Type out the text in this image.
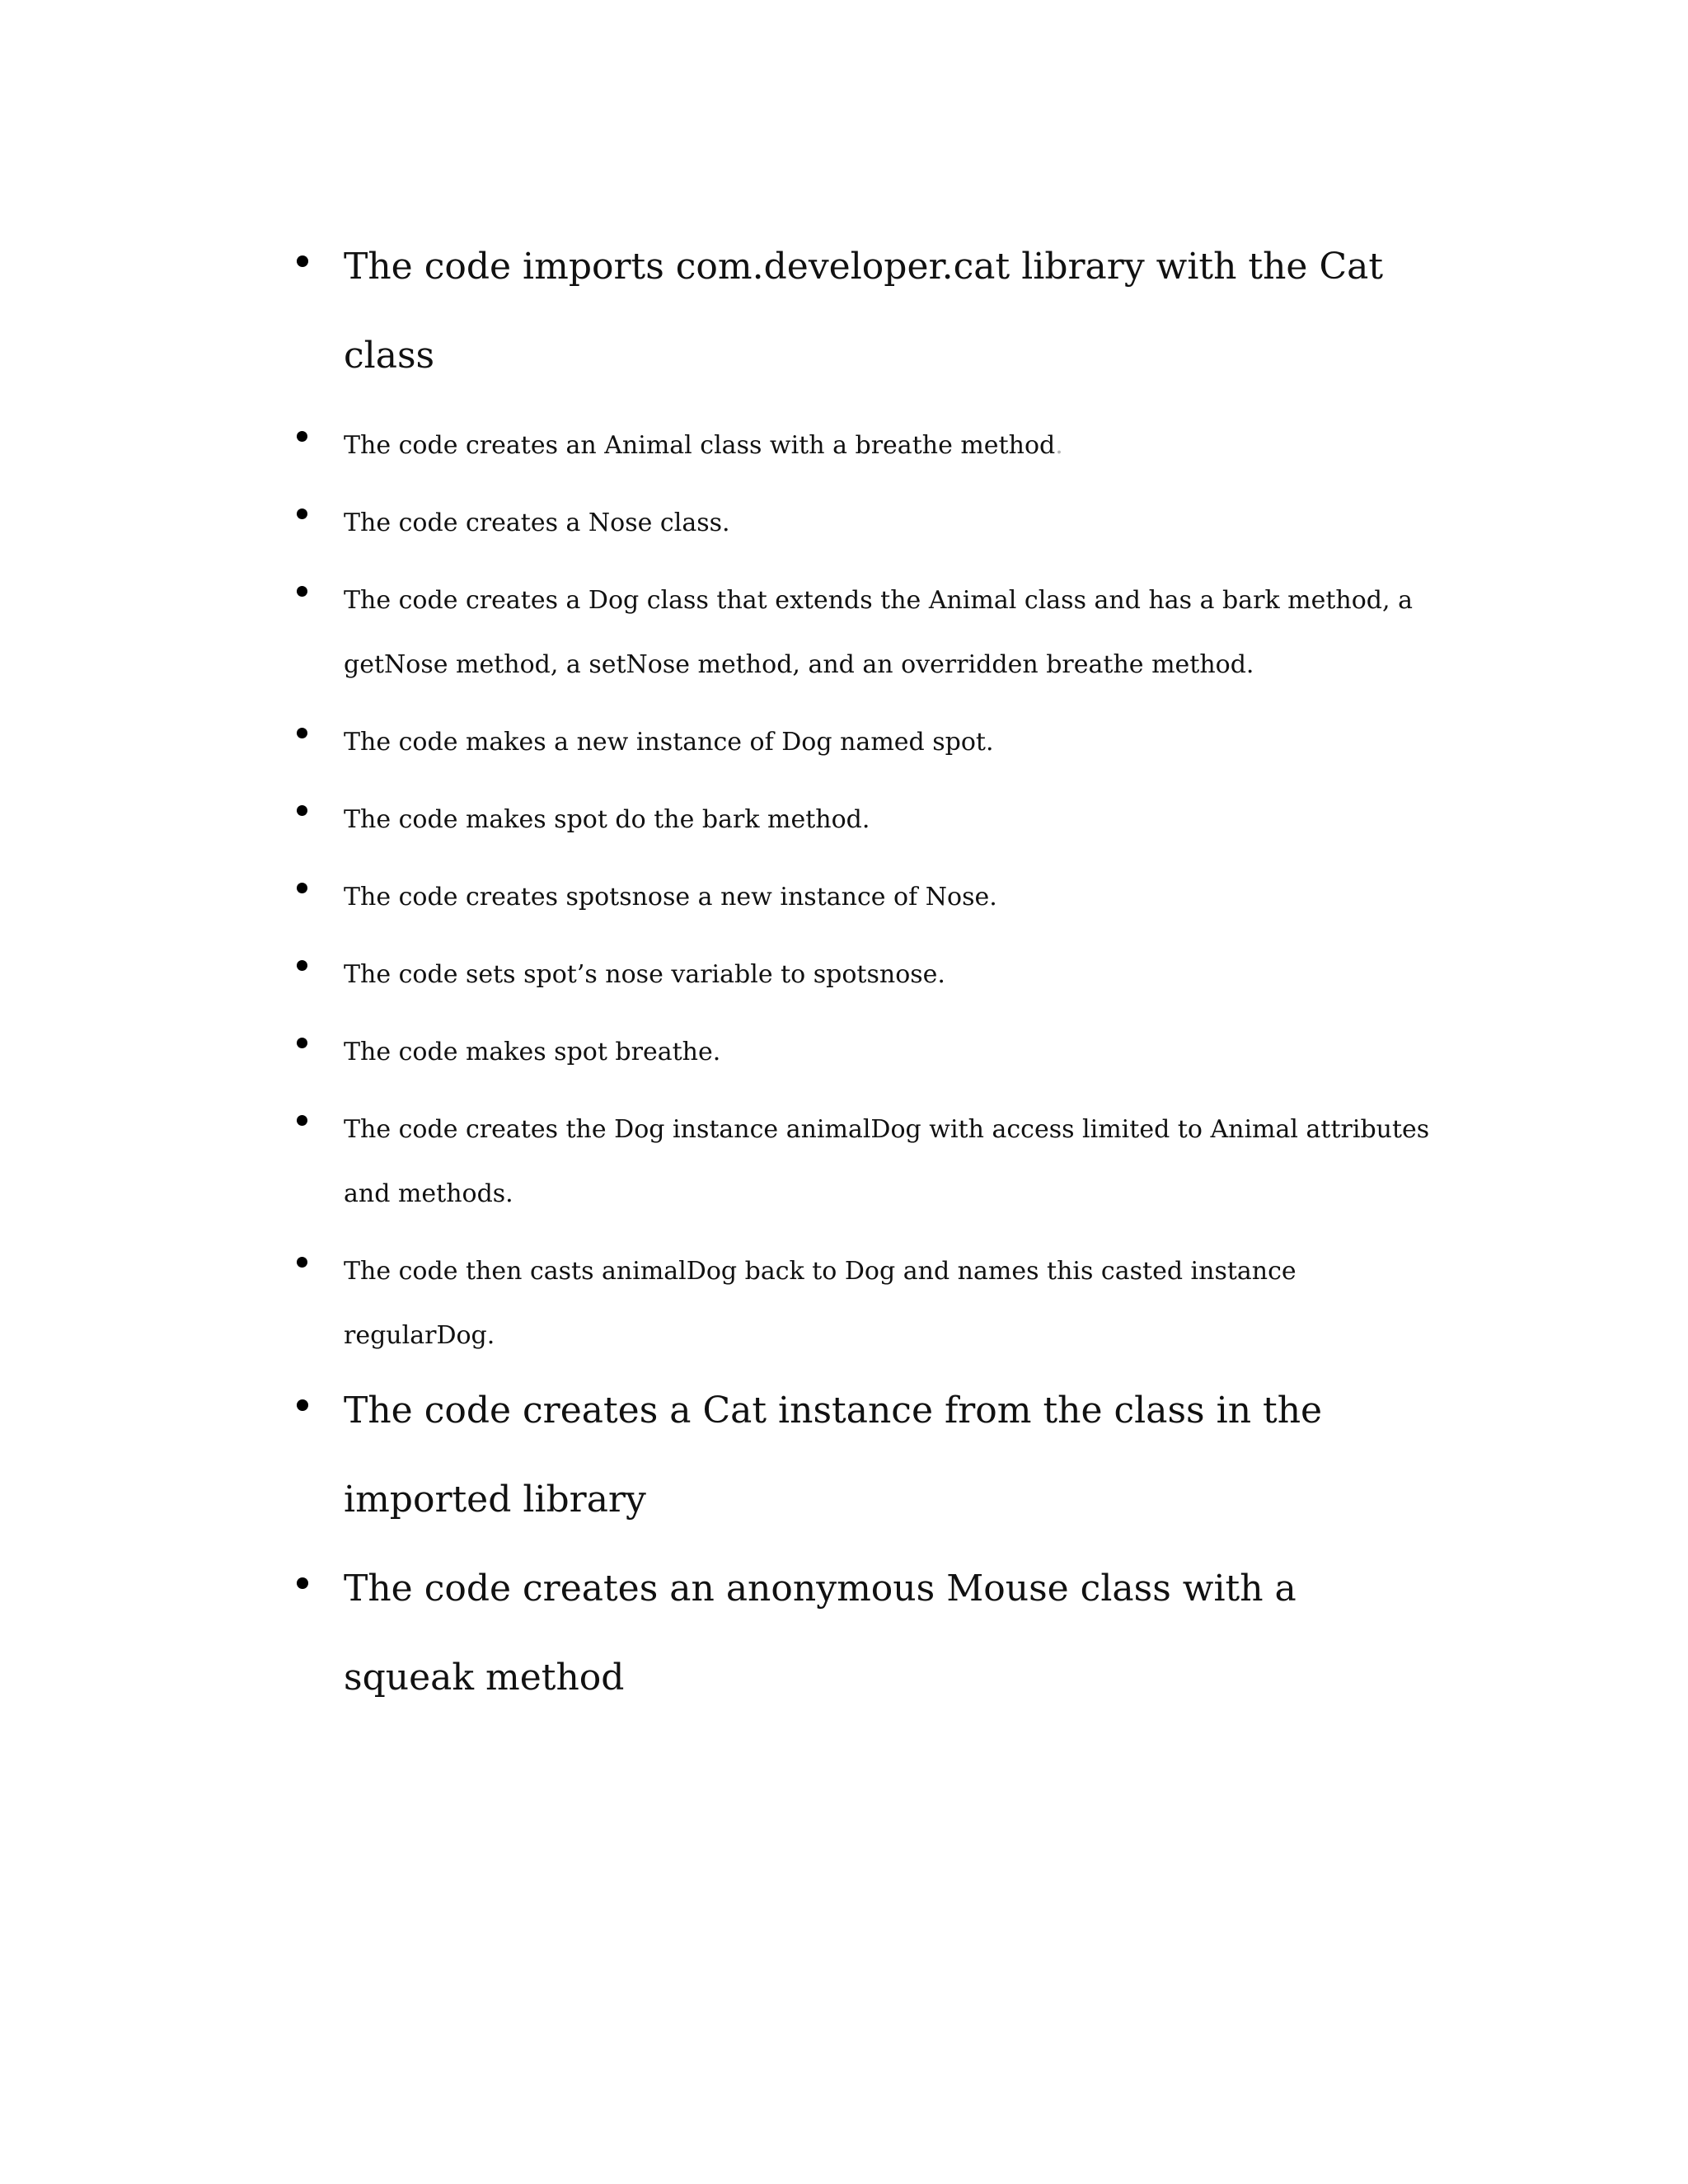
The code imports com.developer.cat library with the Cat class
The code creates an Animal class with a breathe method.
The code creates a Nose class.
The code creates a Dog class that extends the Animal class and has a bark method, a getNose method, a setNose method, and an overridden breathe method.
The code makes a new instance of Dog named spot.
The code makes spot do the bark method.
The code creates spotsnose a new instance of Nose.
The code sets spot’s nose variable to spotsnose.
The code makes spot breathe.
The code creates the Dog instance animalDog with access limited to Animal attributes and methods.
The code then casts animalDog back to Dog and names this casted instance regularDog.
The code creates a Cat instance from the class in the imported library
The code creates an anonymous Mouse class with a squeak method
